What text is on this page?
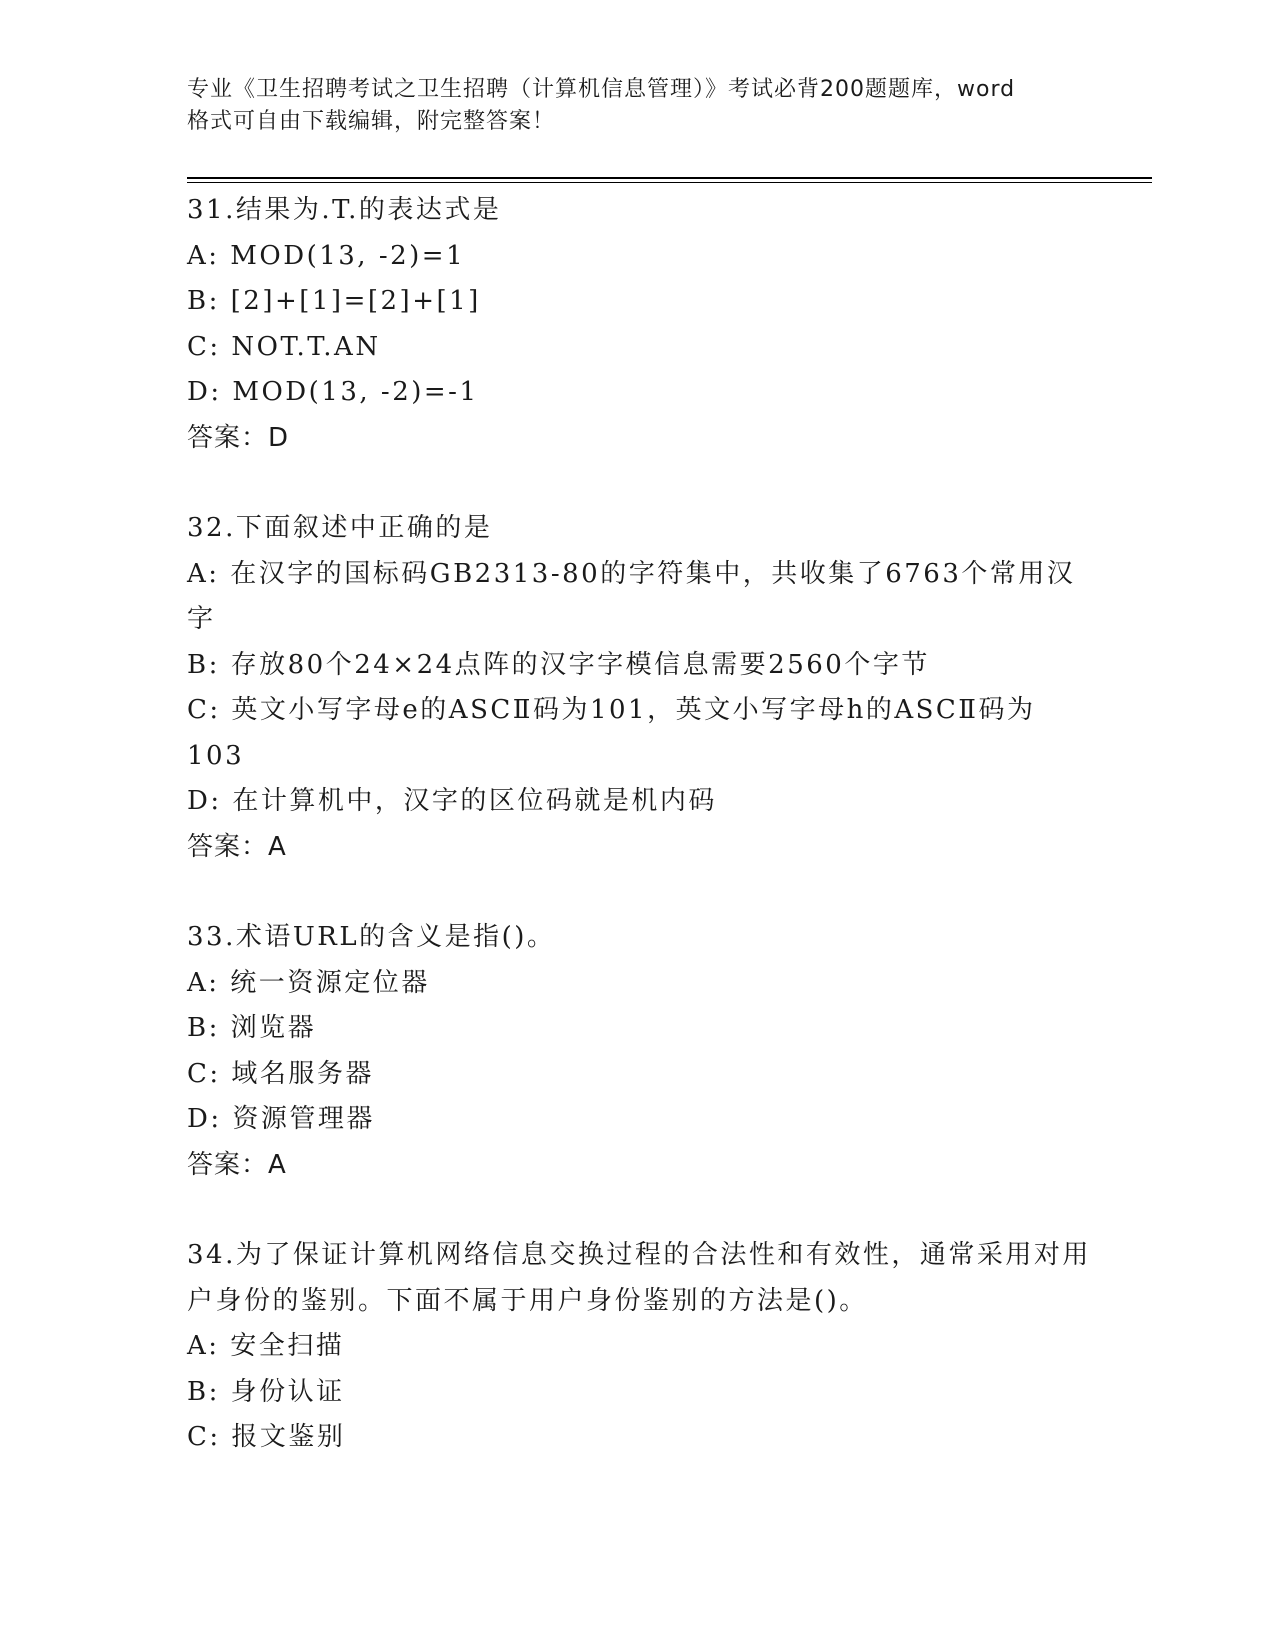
专业《卫生招聘考试之卫生招聘（计算机信息管理）》考试必背200题题库，word
格式可自由下载编辑，附完整答案！
31.结果为.T.的表达式是
A: MOD(13, -2)=1
B: [2]+[1]=[2]+[1]
C: NOT.T.AN
D: MOD(13, -2)=-1
答案：D
32.下面叙述中正确的是
A: 在汉字的国标码GB2313-80的字符集中，共收集了6763个常用汉字
B: 存放80个24×24点阵的汉字字模信息需要2560个字节
C: 英文小写字母e的ASCⅡ码为101，英文小写字母h的ASCⅡ码为103
D: 在计算机中，汉字的区位码就是机内码
答案：A
33.术语URL的含义是指()。
A: 统一资源定位器
B: 浏览器
C: 域名服务器
D: 资源管理器
答案：A
34.为了保证计算机网络信息交换过程的合法性和有效性，通常采用对用户身份的鉴别。下面不属于用户身份鉴别的方法是()。
A: 安全扫描
B: 身份认证
C: 报文鉴别
